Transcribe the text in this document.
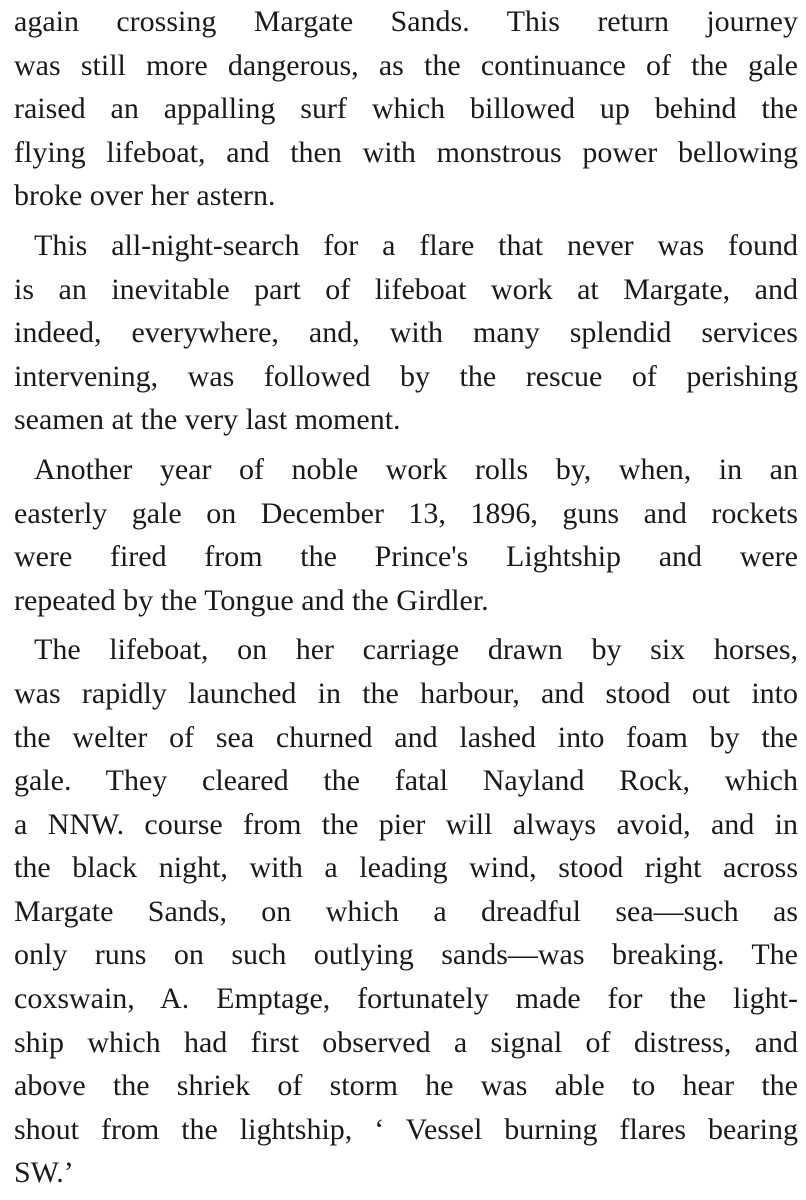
again crossing Margate Sands. This return journey
was still more dangerous, as the continuance of the gale
raised an appalling surf which billowed up behind the
flying lifeboat, and then with monstrous power bellowing
broke over her astern.
This all-night-search for a flare that never was found
is an inevitable part of lifeboat work at Margate, and
indeed, everywhere, and, with many splendid services
intervening, was followed by the rescue of perishing
seamen at the very last moment.
Another year of noble work rolls by, when, in an
easterly gale on December 13, 1896, guns and rockets
were fired from the Prince's Lightship and were
repeated by the Tongue and the Girdler.
The lifeboat, on her carriage drawn by six horses,
was rapidly launched in the harbour, and stood out into
the welter of sea churned and lashed into foam by the
gale. They cleared the fatal Nayland Rock, which
a NNW. course from the pier will always avoid, and in
the black night, with a leading wind, stood right across
Margate Sands, on which a dreadful sea—such as
only runs on such outlying sands—was breaking. The
coxswain, A. Emptage, fortunately made for the light-
ship which had first observed a signal of distress, and
above the shriek of storm he was able to hear the
shout from the lightship, ‘ Vessel burning flares bearing
SW.’
